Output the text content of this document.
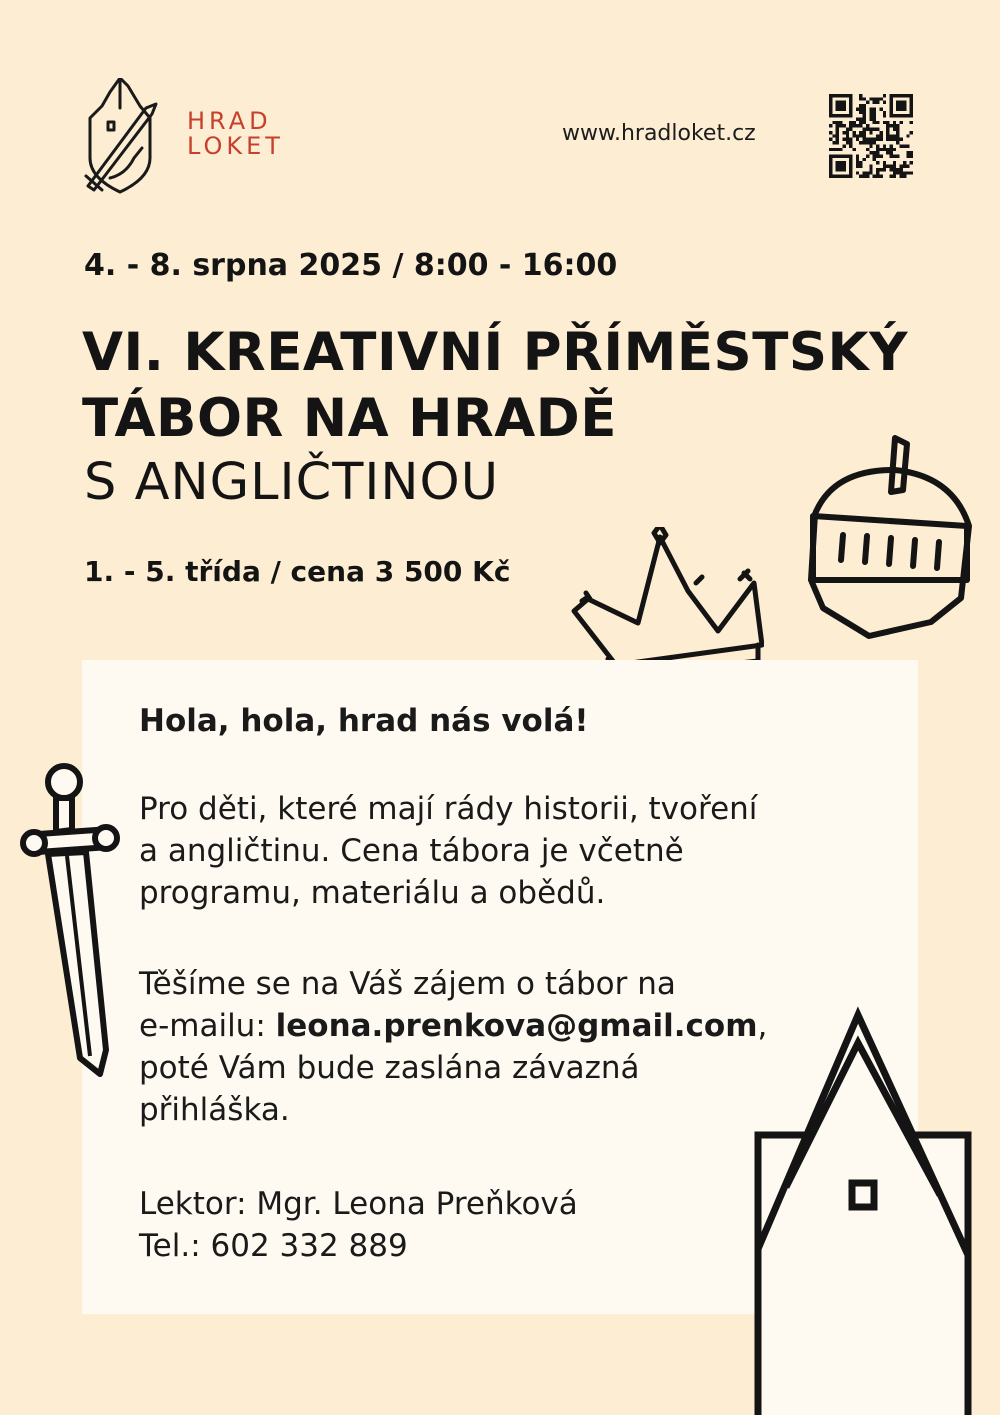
HRAD
LOKET	www.hradloket.cz
4. - 8. srpna 2025 / 8:00 - 16:00
VI. KREATIVNÍ PŘÍMĚSTSKÝ
TÁBOR NA HRADĚ
S ANGLIČTINOU
1. - 5. třída / cena 3 500 Kč
Hola, hola, hrad nás volá!
Pro děti, které mají rády historii, tvoření
a angličtinu. Cena tábora je včetně
programu, materiálu a obědů.
Těšíme se na Váš zájem o tábor na
e-mailu: leona.prenkova@gmail.com,
poté Vám bude zaslána závazná
přihláška.
Lektor: Mgr. Leona Preňková
Tel.: 602 332 889
